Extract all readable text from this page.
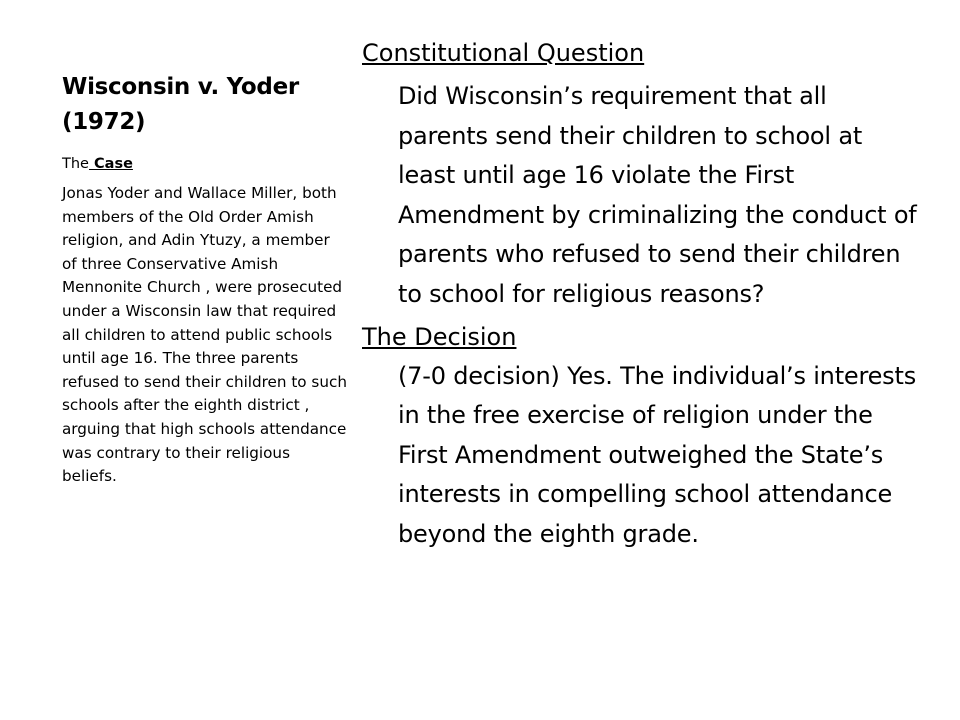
Wisconsin v. Yoder
(1972)

The Case

Jonas Yoder and Wallace Miller, both members of the Old Order Amish religion, and Adin Ytuzy, a member of three Conservative Amish Mennonite Church , were prosecuted under a Wisconsin law that required all children to attend public schools until age 16. The three parents refused to send their children to such schools after the eighth district , arguing that high schools attendance was contrary to their religious beliefs.

Constitutional Question

Did Wisconsin’s requirement that all parents send their children to school at least until age 16 violate the First Amendment by criminalizing the conduct of parents who refused to send their children to school for religious reasons?

The Decision

(7-0 decision) Yes. The individual’s interests in the free exercise of religion under the First Amendment outweighed the State’s interests in compelling school attendance beyond the eighth grade.
